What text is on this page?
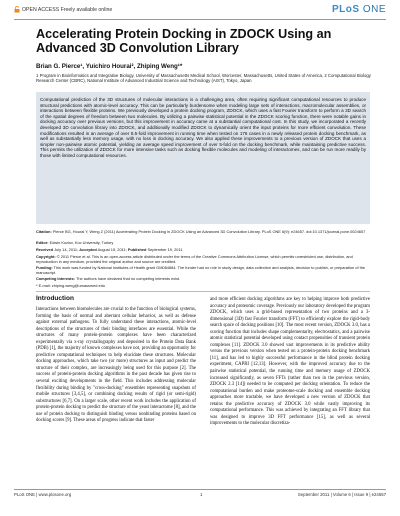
OPEN ACCESS Freely available online	PLoS ONE
Accelerating Protein Docking in ZDOCK Using an Advanced 3D Convolution Library
Brian G. Pierce¹, Yuichiro Hourai², Zhiping Weng¹*
1 Program in Bioinformatics and Integrative Biology, University of Massachusetts Medical School, Worcester, Massachusetts, United States of America, 2 Computational Biology Research Center (CBRC), National Institute of Advanced Industrial Science and Technology (AIST), Tokyo, Japan
Computational prediction of the 3D structures of molecular interactions is a challenging area, often requiring significant computational resources to produce structural predictions with atomic-level accuracy. This can be particularly burdensome when modeling large sets of interactions, macromolecular assemblies, or interactions between flexible proteins. We previously developed a protein docking program, ZDOCK, which uses a fast Fourier transform to perform a 3D search of the spatial degrees of freedom between two molecules. By utilizing a pairwise statistical potential in the ZDOCK scoring function, there were notable gains in docking accuracy over previous versions, but this improvement in accuracy came at a substantial computational cost. In this study, we incorporated a recently developed 3D convolution library into ZDOCK, and additionally modified ZDOCK to dynamically orient the input proteins for more efficient convolution. These modifications resulted in an average of over 8.5-fold improvement in running time when tested on 176 cases in a newly released protein docking benchmark, as well as substantially less memory usage, with no loss in docking accuracy. We also applied these improvements to a previous version of ZDOCK that uses a simpler non-pairwise atomic potential, yielding an average speed improvement of over 5-fold on the docking benchmark, while maintaining predictive success. This permits the utilization of ZDOCK for more intensive tasks such as docking flexible molecules and modeling of interactomes, and can be run more readily by those with limited computational resources.
Citation: Pierce BG, Hourai Y, Weng Z (2011) Accelerating Protein Docking in ZDOCK Using an Advanced 3D Convolution Library. PLoS ONE 6(9): e24657. doi:10.1371/journal.pone.0024657
Editor: Edwin Kozlov, Koc University, Turkey
Received July 14, 2011; Accepted August 15, 2011; Published September 19, 2011
Copyright: © 2011 Pierce et al. This is an open-access article distributed under the terms of the Creative Commons Attribution License, which permits unrestricted use, distribution, and reproduction in any medium, provided the original author and source are credited.
Funding: This work was funded by National Institutes of Health grant GM084884. The funder had no role in study design, data collection and analysis, decision to publish, or preparation of the manuscript.
Competing Interests: The authors have declared that no competing interests exist.
* E-mail: zhiping.weng@umassmed.edu
Introduction
Interactions between biomolecules are crucial to the function of biological systems, forming the basis of normal and aberrant cellular behavior, as well as defense against external pathogens. To fully understand these interactions, atomic-level descriptions of the structures of their binding interfaces are essential. While the structures of many protein-protein complexes have been characterized experimentally via x-ray crystallography and deposited in the Protein Data Bank (PDB) [1], the majority of known complexes have not, providing an opportunity for predictive computational techniques to help elucidate these structures. Molecular docking approaches, which take two (or more) structures as input and predict the structure of their complex, are increasingly being used for this purpose [2]. The success of protein-protein docking algorithms in the past decade has given rise to several exciting developments in the field. This includes addressing molecular flexibility during binding by "cross-docking" ensembles representing snapshots of mobile structures [3,4,5], or combining docking results of rigid (or semi-rigid) substructures [6,7]. On a larger scale, other recent work includes the application of protein-protein docking to predict the structure of the yeast interactome [8], and the use of protein docking to distinguish binding versus nonbinding proteins based on docking scores [9]. These areas of progress indicate that faster
and more efficient docking algorithms are key to helping improve both predictive accuracy and proteomic coverage. Previously our laboratory developed the program ZDOCK, which uses a grid-based representation of two proteins and a 3-dimensional (3D) fast Fourier transform (FFT) to efficiently explore the rigid-body search space of docking positions [10]. The most recent version, ZDOCK 3.0, has a scoring function that includes shape complementarity, electrostatics, and a pairwise atomic statistical potential developed using contact propensities of transient protein complexes [11]. ZDOCK 3.0 showed vast improvements in its predictive ability versus the previous version when tested on a protein-protein docking benchmark [11], and has led to highly successful performance in the blind protein docking experiment, CAPRI [12,13]. However, with the improved accuracy due to the pairwise statistical potential, the running time and memory usage of ZDOCK increased significantly, as seven FFTs (rather than two in the previous version, ZDOCK 2.3 [14]) needed to be computed per docking orientation. To reduce the computational burden and make proteome-scale docking and ensemble docking approaches more tractable, we have developed a new version of ZDOCK that retains the predictive accuracy of ZDOCK 3.0 while vastly improving its computational performance. This was achieved by integrating an FFT library that was designed to improve 3D FFT performance [15], as well as several improvements to the molecular discretiza-
PLoS ONE | www.plosone.org	1	September 2011 | Volume 6 | Issue 9 | e24657
